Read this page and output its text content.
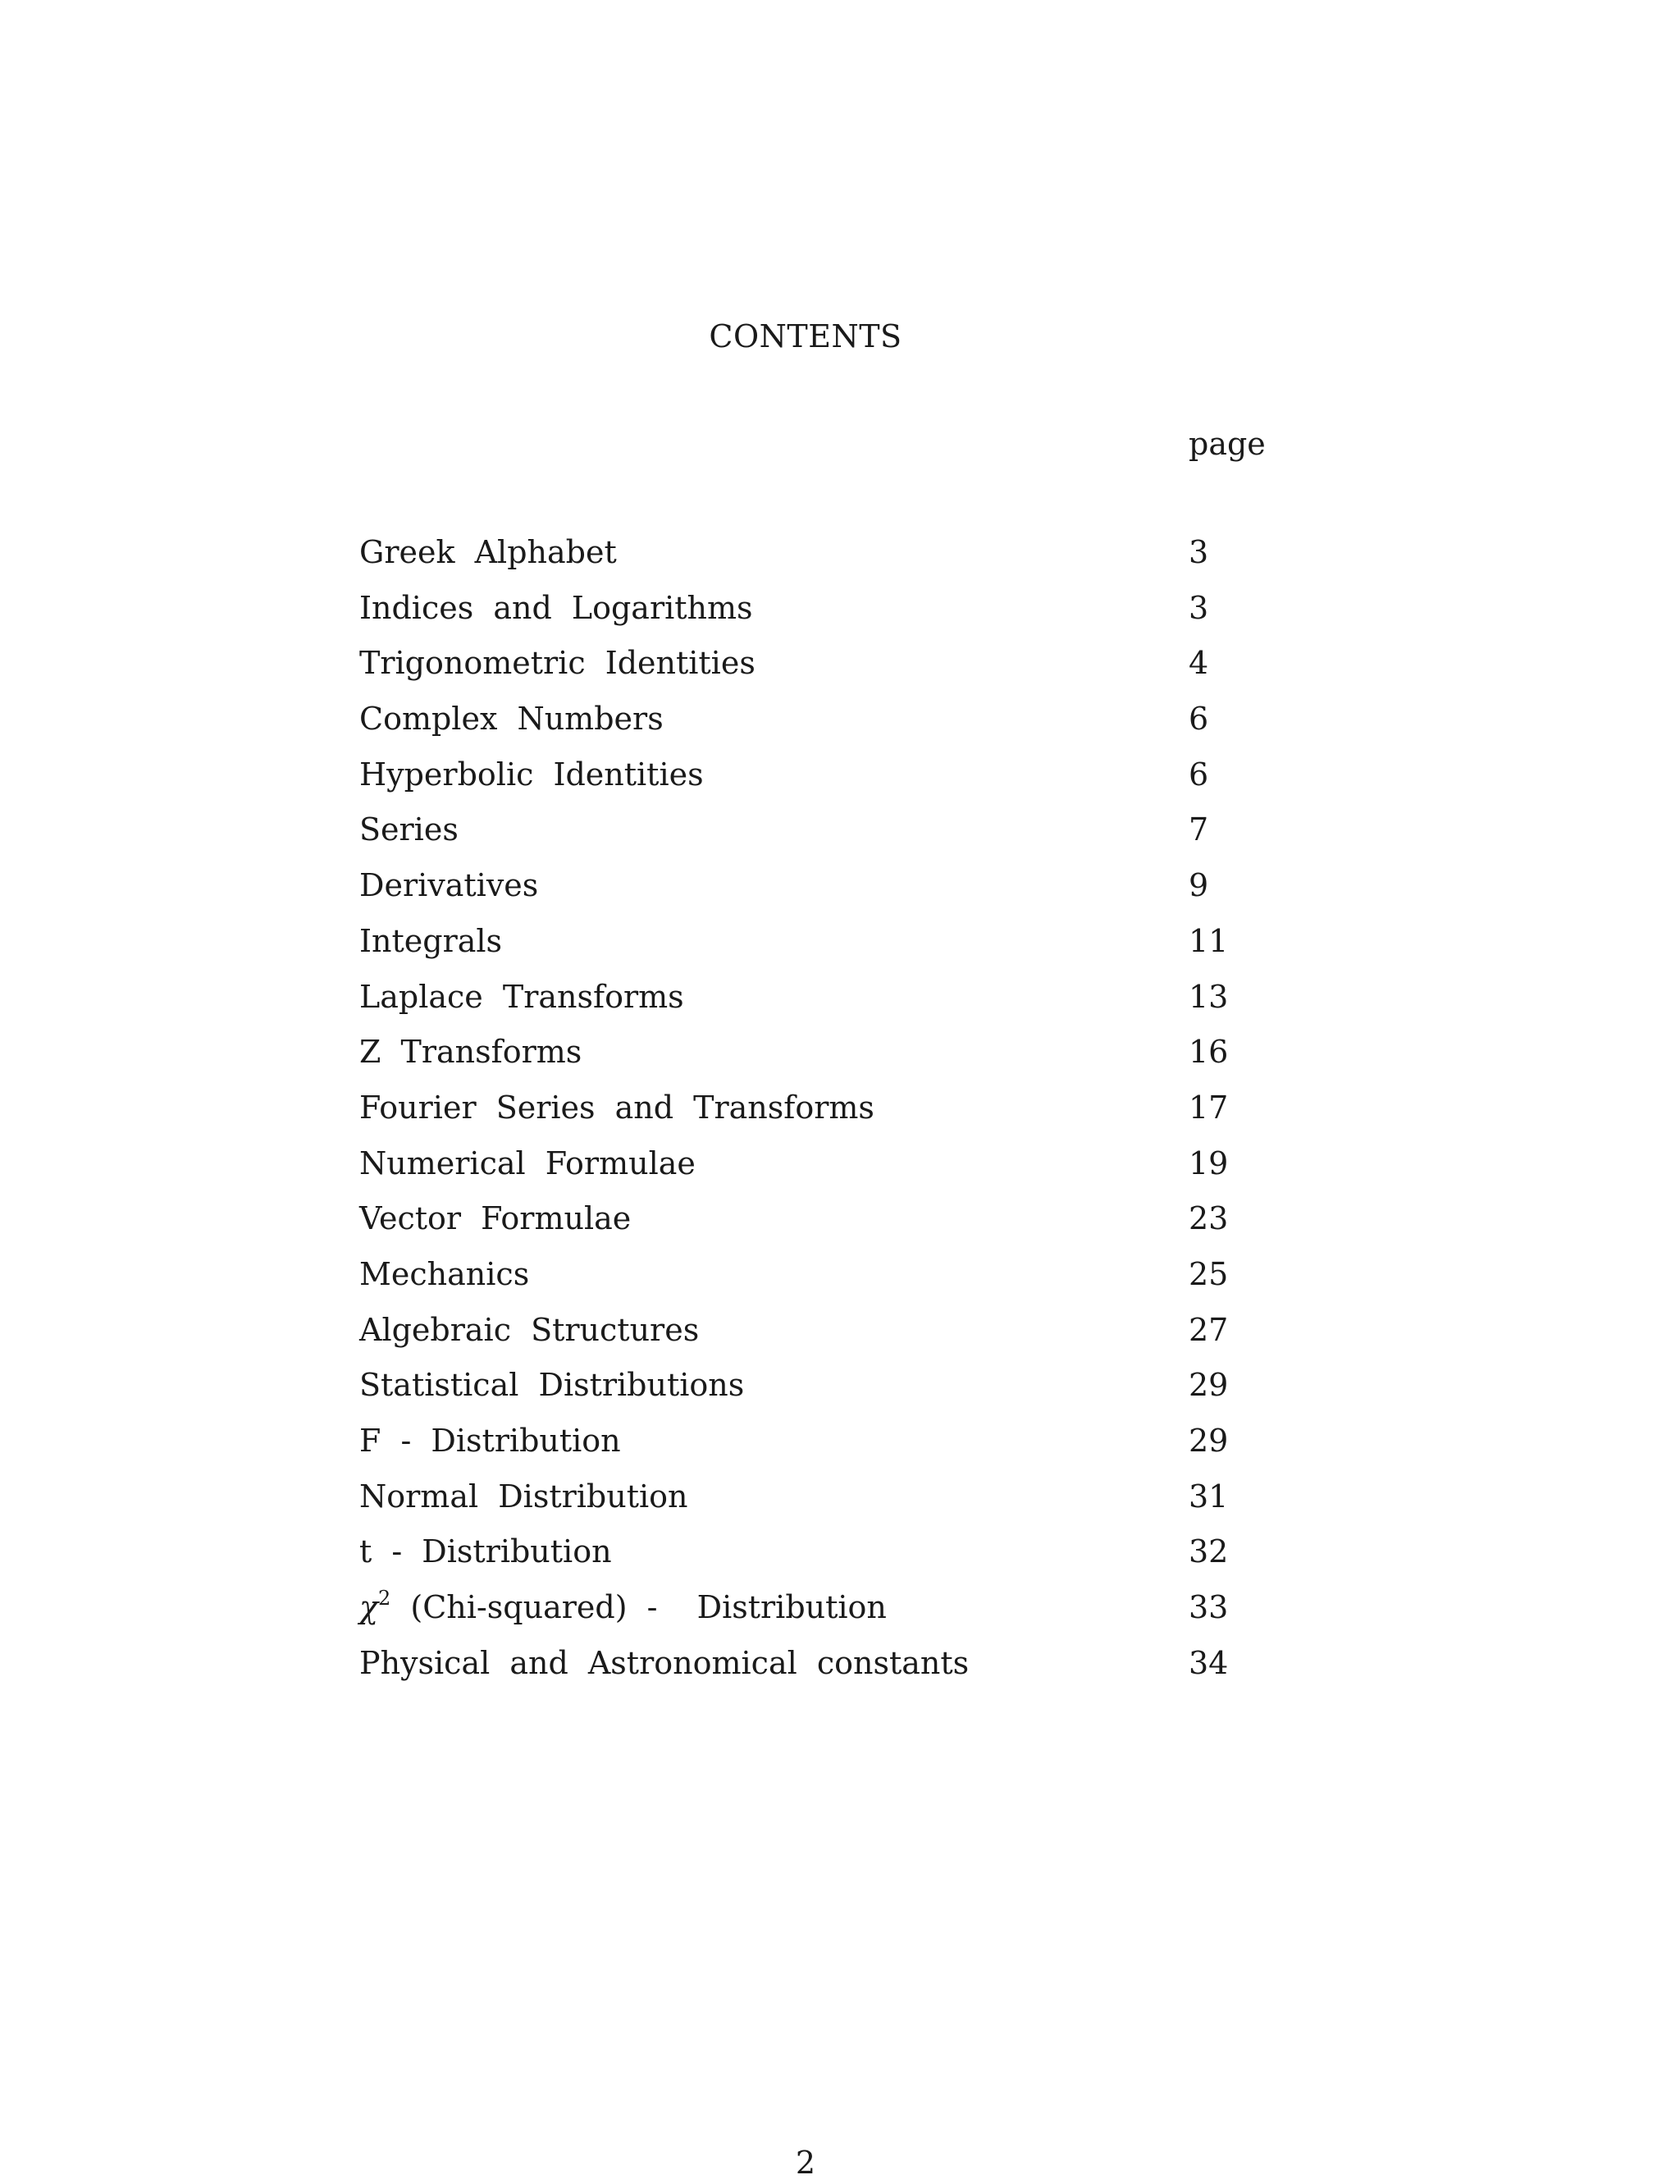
CONTENTS
page
Greek Alphabet	3
Indices and Logarithms	3
Trigonometric Identities	4
Complex Numbers	6
Hyperbolic Identities	6
Series	7
Derivatives	9
Integrals	11
Laplace Transforms	13
Z Transforms	16
Fourier Series and Transforms	17
Numerical Formulae	19
Vector Formulae	23
Mechanics	25
Algebraic Structures	27
Statistical Distributions	29
F - Distribution	29
Normal Distribution	31
t - Distribution	32
$\chi^2$ (Chi-squared) -  Distribution	33
Physical and Astronomical constants	34
2
